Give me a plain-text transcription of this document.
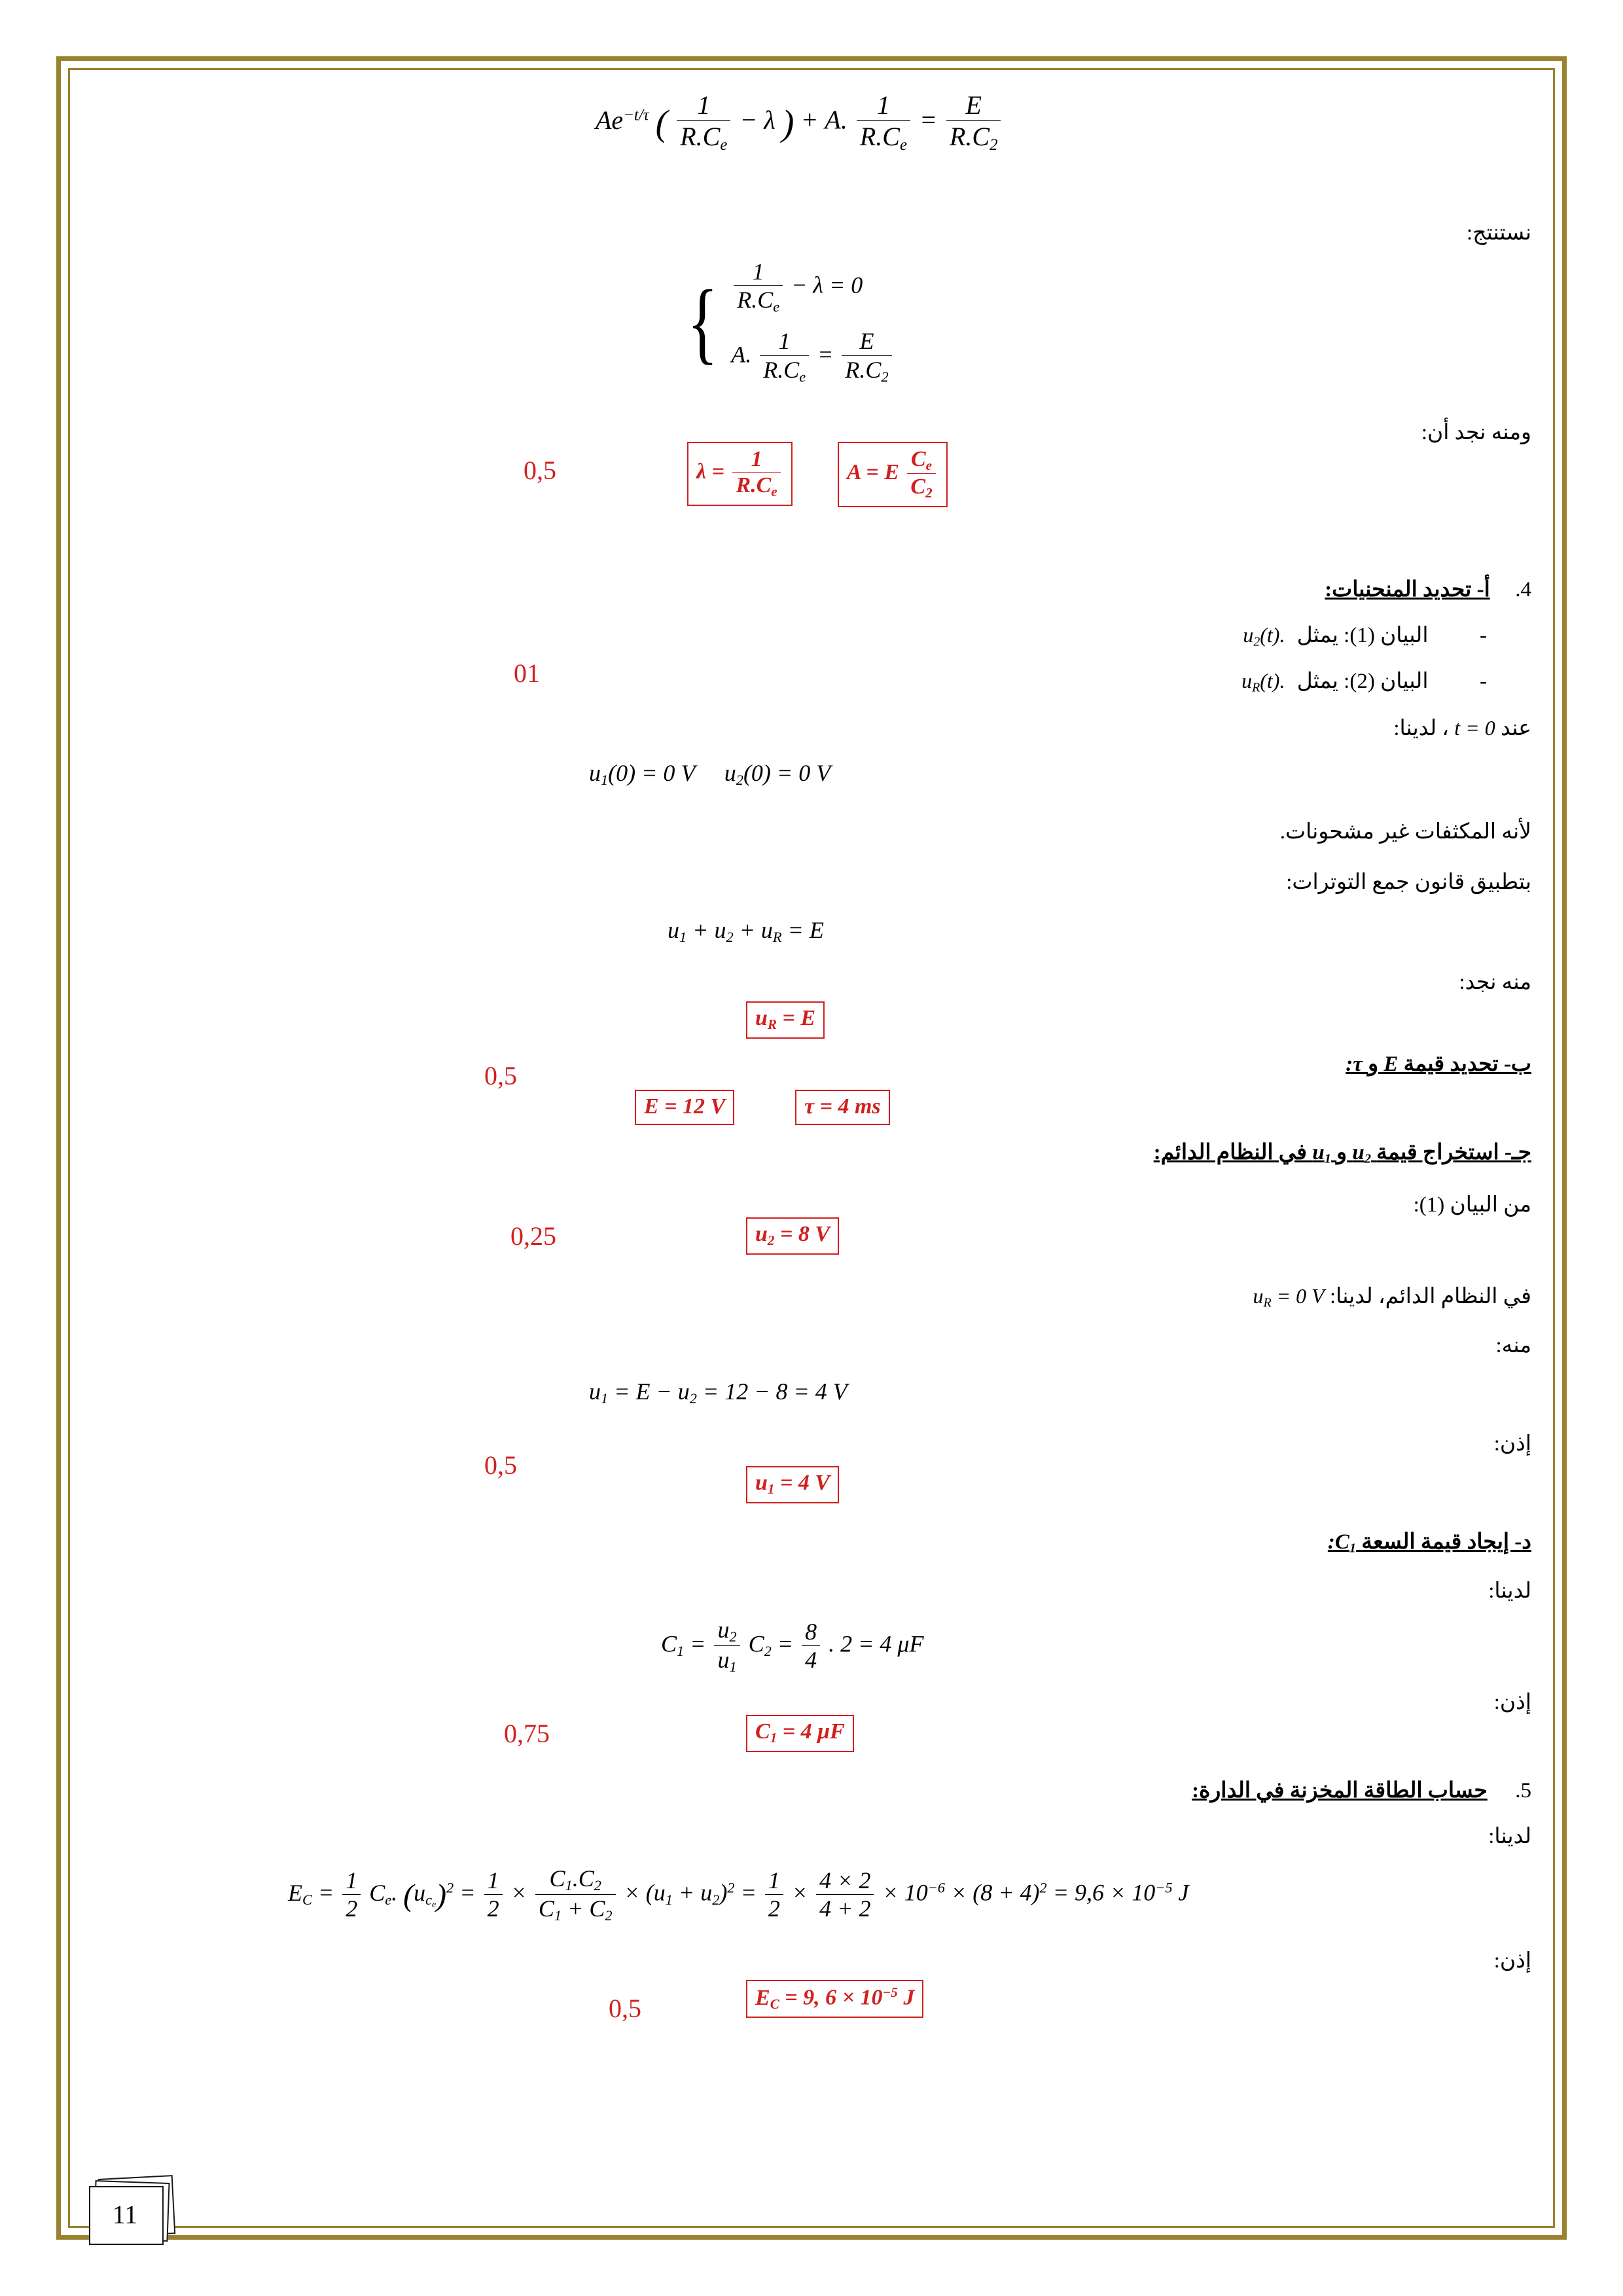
$Ae^{-t/\tau}$ ( $\frac{1}{R.C_e} - \lambda$ ) + A. $\frac{1}{R.C_e} = \frac{E}{R.C_2}$
نستنتج:
{ $\frac{1}{R.C_e} - \lambda = 0$
A. $\frac{1}{R.C_e} = \frac{E}{R.C_2}$
ومنه نجد أن:
0,5	$\lambda = \frac{1}{R.C_e}$	A = E $\frac{C_e}{C_2}$
4.  أ- تحديد المنحنيات:
-  البيان (1): يمثل $u_2(t)$.
-  البيان (2): يمثل $u_R(t)$.
01
عند t = 0 ، لدينا:
$u_1(0) = 0$ V $u_2(0) = 0$ V
لأنه المكثفات غير مشحونات.
بتطبيق قانون جمع التوترات:
$u_1 + u_2 + u_R = E$
منه نجد:
$u_R = E$
ب- تحديد قيمة E و τ:
0,5
E = 12 V	τ = 4 ms
جـ- استخراج قيمة $u_2$ و $u_1$ في النظام الدائم:
من البيان (1):
0,25	$u_2 = 8$ V
في النظام الدائم، لدينا: $u_R = 0$ V
منه:
$u_1 = E - u_2 = 12 - 8 = 4$ V
إذن:
0,5
$u_1 = 4$ V
د- إيجاد قيمة السعة $C_1$:
لدينا:
$C_1 = \frac{u_2}{u_1} C_2 = \frac{8}{4}$ . 2 = 4 μF
إذن:
0,75	$C_1 = 4$ μF
5.  حساب الطاقة المخزنة في الدارة:
لدينا:
$E_C = \frac{1}{2} C_e$. $(u_{c_e})^2 = \frac{1}{2} \times \frac{C_1.C_2}{C_1 + C_2} \times (u_1 + u_2)^2 = \frac{1}{2} \times \frac{4 \times 2}{4 + 2} \times 10^{-6} \times (8 + 4)^2 = 9,6 \times 10^{-5}$ J
إذن:
0,5	$E_C = 9$, $6 \times 10^{-5}$ J
11
